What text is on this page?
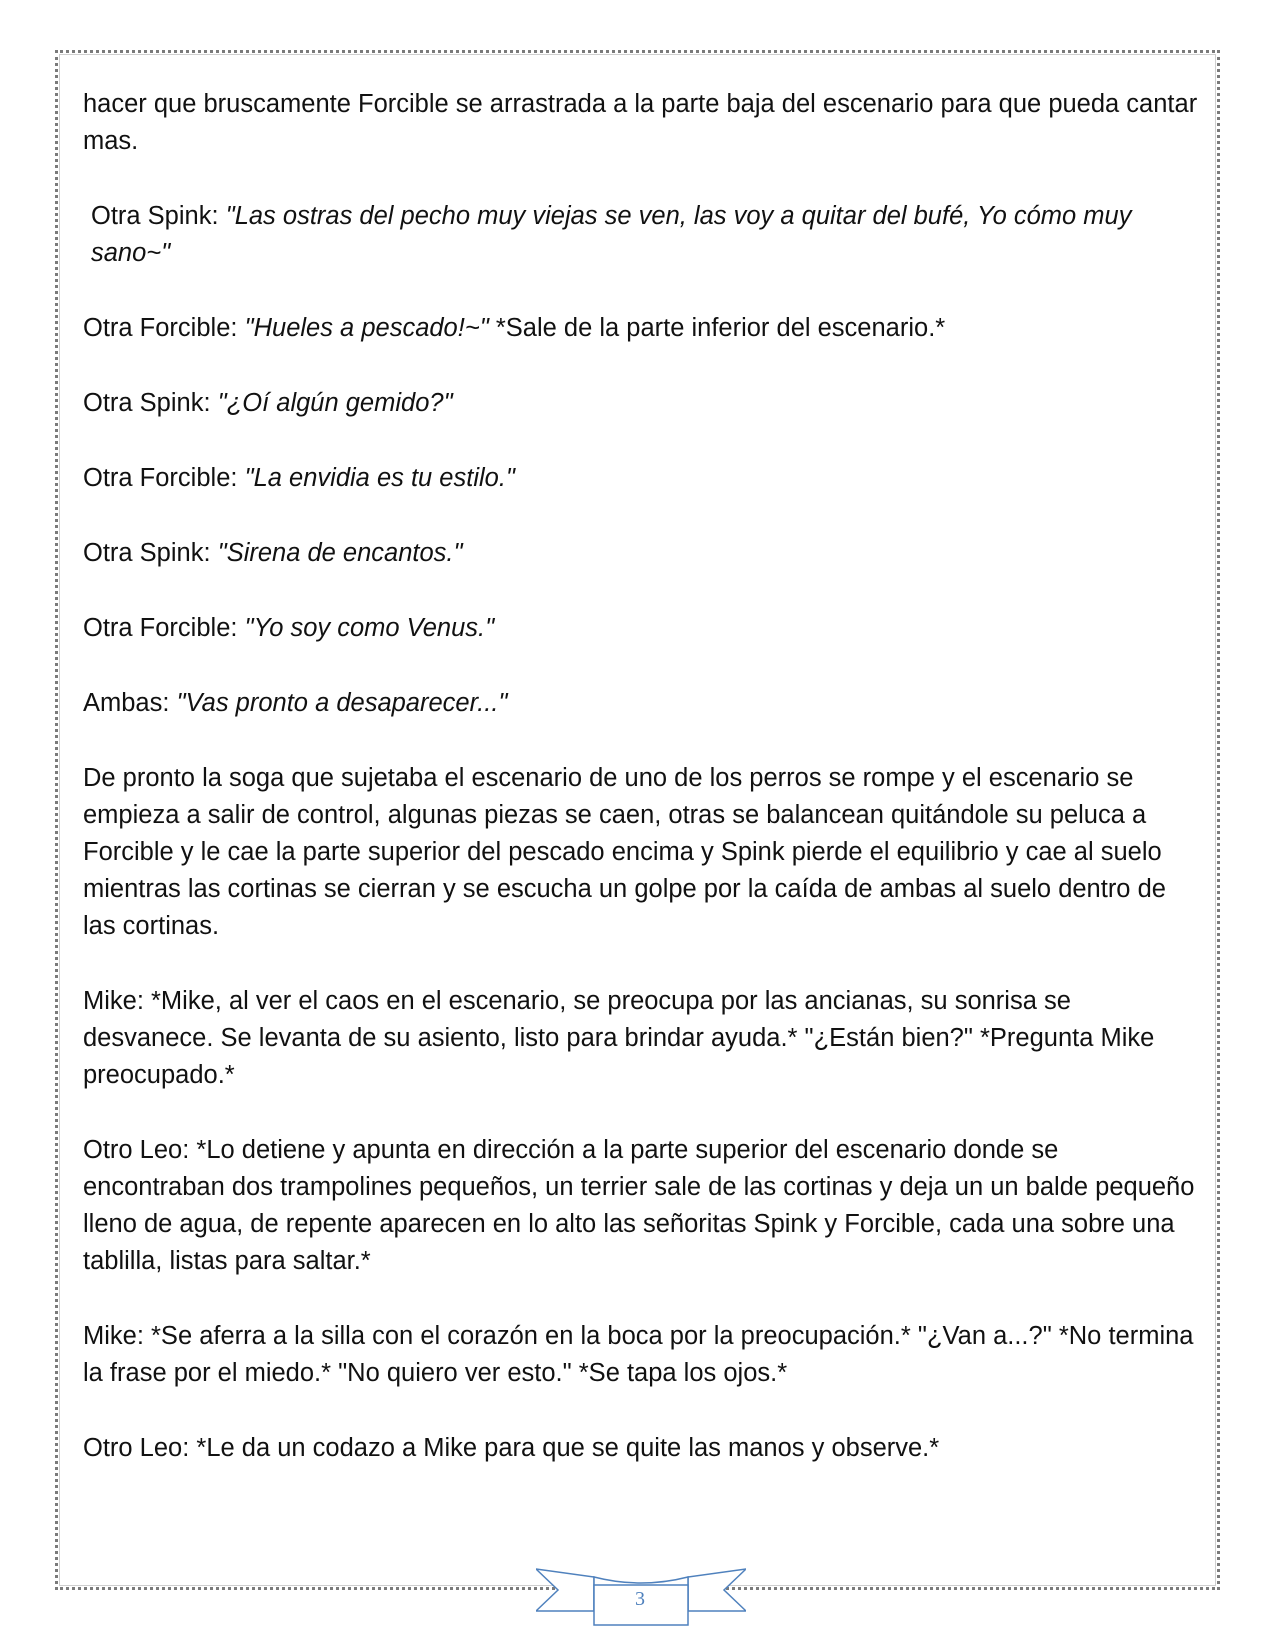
hacer que bruscamente Forcible se arrastrada a la parte baja del escenario para que pueda cantar mas.

Otra Spink: "Las ostras del pecho muy viejas se ven, las voy a quitar del bufé, Yo cómo muy sano~"

Otra Forcible: "Hueles a pescado!~" *Sale de la parte inferior del escenario.*

Otra Spink: "¿Oí algún gemido?"

Otra Forcible: "La envidia es tu estilo."

Otra Spink: "Sirena de encantos."

Otra Forcible: "Yo soy como Venus."

Ambas: "Vas pronto a desaparecer..."

De pronto la soga que sujetaba el escenario de uno de los perros se rompe y el escenario se empieza a salir de control, algunas piezas se caen, otras se balancean quitándole su peluca a Forcible y le cae la parte superior del pescado encima y Spink pierde el equilibrio y cae al suelo mientras las cortinas se cierran y se escucha un golpe por la caída de ambas al suelo dentro de las cortinas.

Mike: *Mike, al ver el caos en el escenario, se preocupa por las ancianas, su sonrisa se desvanece. Se levanta de su asiento, listo para brindar ayuda.* "¿Están bien?" *Pregunta Mike preocupado.*

Otro Leo: *Lo detiene y apunta en dirección a la parte superior del escenario donde se encontraban dos trampolines pequeños, un terrier sale de las cortinas y deja un un balde pequeño lleno de agua, de repente aparecen en lo alto las señoritas Spink y Forcible, cada una sobre una tablilla, listas para saltar.*

Mike: *Se aferra a la silla con el corazón en la boca por la preocupación.* "¿Van a...?" *No termina la frase por el miedo.* "No quiero ver esto." *Se tapa los ojos.*

Otro Leo: *Le da un codazo a Mike para que se quite las manos y observe.*

3
